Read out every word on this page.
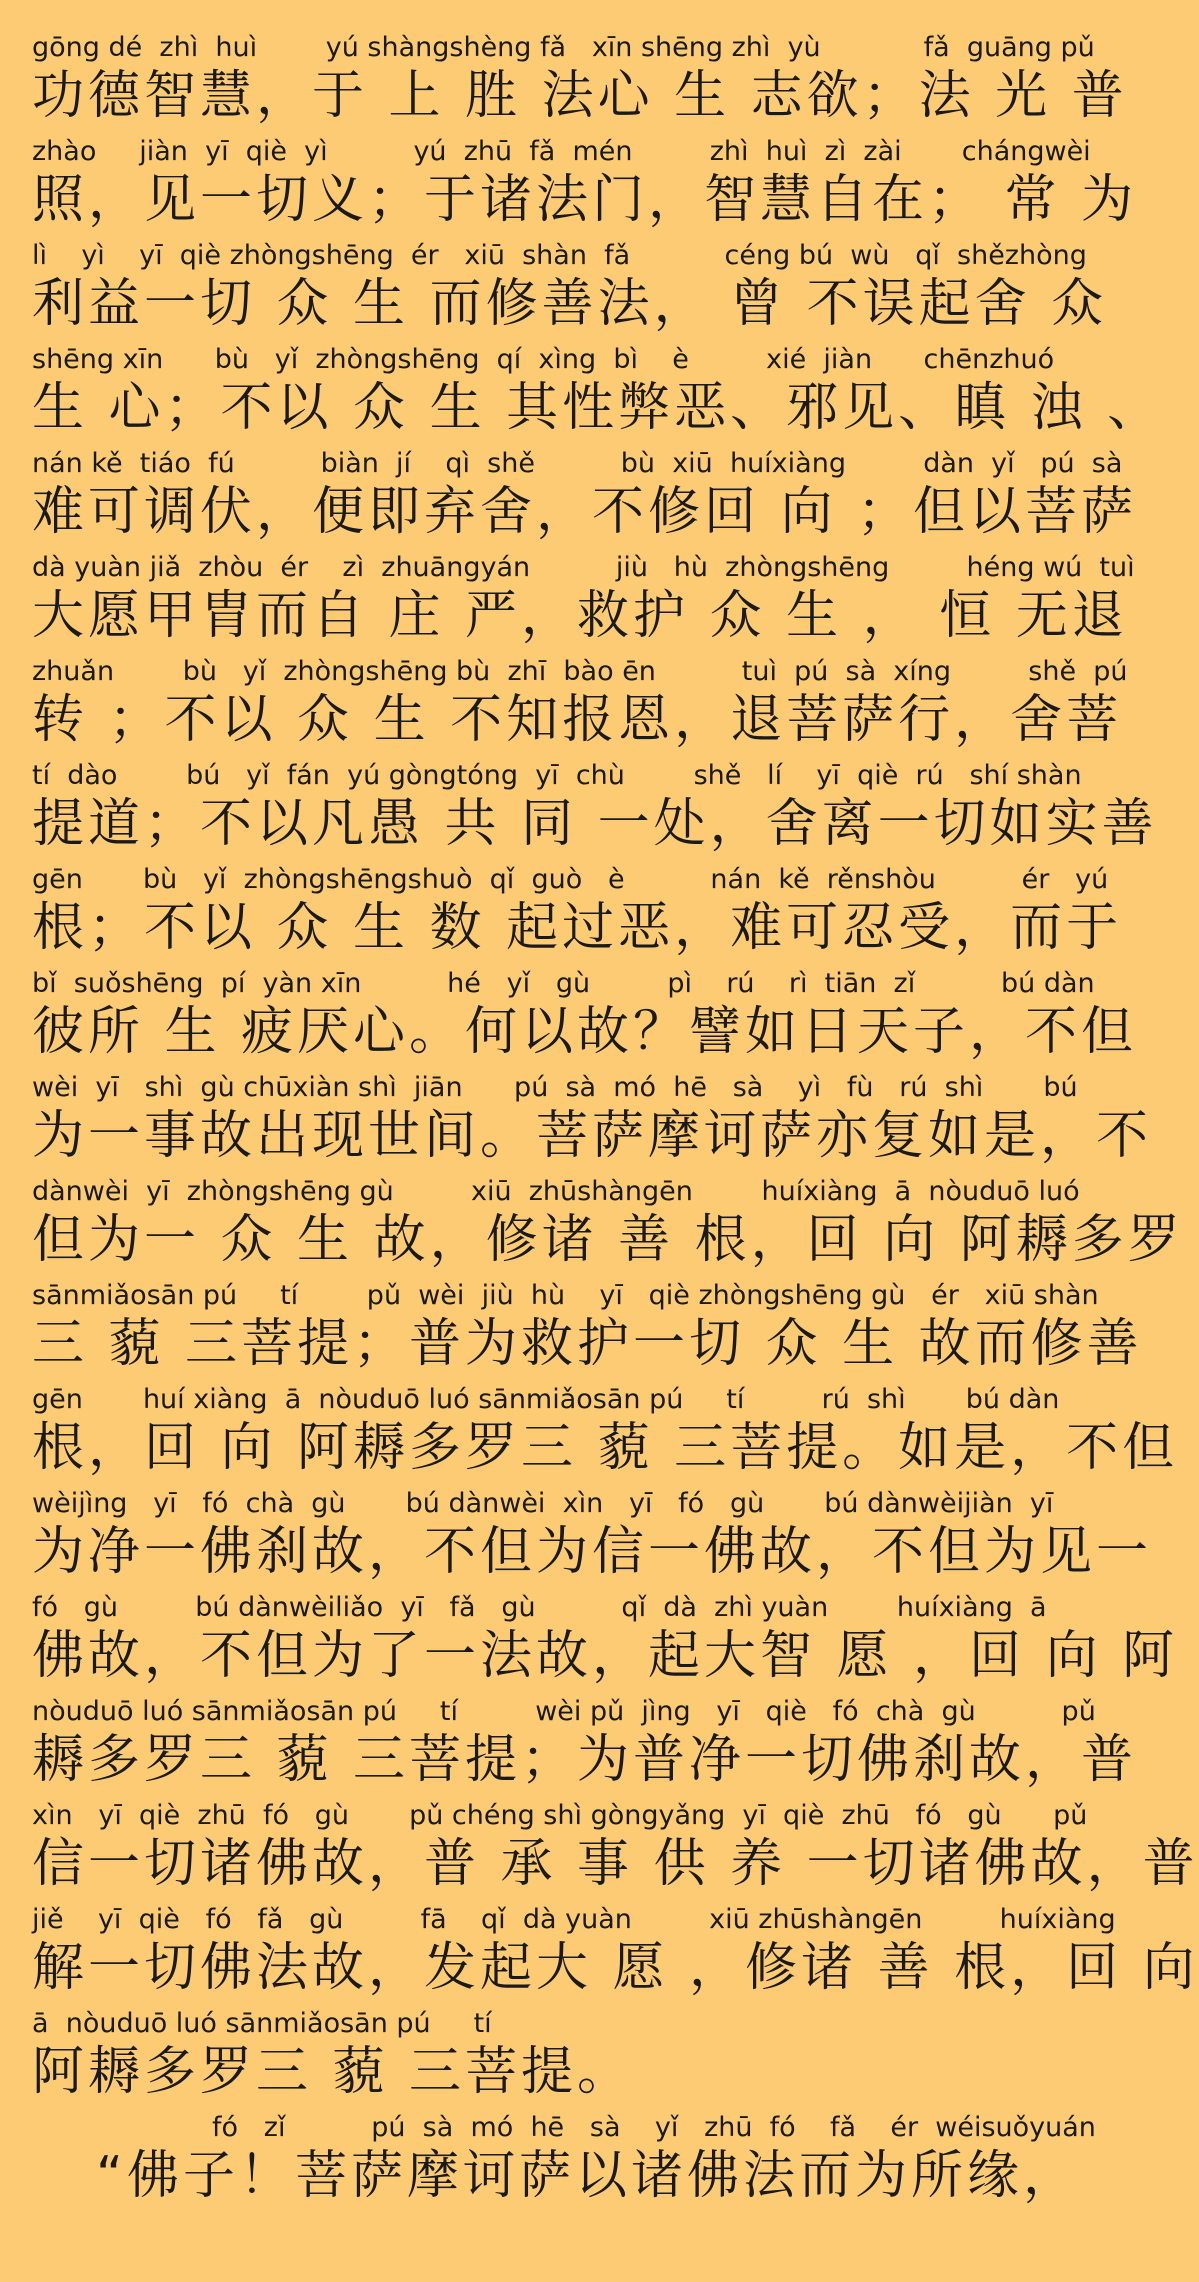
gōng dé  zhì  huì        yú shàngshèng fǎ   xīn shēng zhì  yù            fǎ  guāng pǔ
功德智慧，于 上 胜 法心 生 志欲；法 光 普
zhào     jiàn  yī  qiè  yì          yú  zhū  fǎ  mén         zhì  huì  zì  zài       chángwèi
照，见一切义；于诸法门，智慧自在； 常 为
lì    yì    yī  qiè zhòngshēng  ér   xiū  shàn  fǎ           céng bú  wù   qǐ  shězhòng
利益一切 众 生 而修善法， 曾 不误起舍 众
shēng xīn      bù   yǐ  zhòngshēng  qí  xìng  bì    è         xié  jiàn      chēnzhuó
生 心；不以 众 生 其性弊恶、邪见、瞋 浊 、
nán kě  tiáo  fú          biàn  jí    qì  shě          bù  xiū  huíxiàng         dàn  yǐ   pú  sà
难可调伏，便即弃舍，不修回 向 ；但以菩萨
dà yuàn jiǎ  zhòu  ér    zì  zhuāngyán          jiù   hù  zhòngshēng         héng wú  tuì
大愿甲胄而自 庄 严，救护 众 生 ， 恒 无退
zhuǎn        bù   yǐ  zhòngshēng bù  zhī  bào ēn          tuì  pú  sà  xíng         shě  pú
转 ；不以 众 生 不知报恩，退菩萨行，舍菩
tí  dào        bú   yǐ  fán  yú gòngtóng  yī  chù        shě   lí    yī  qiè  rú   shí shàn
提道；不以凡愚 共 同 一处，舍离一切如实善
gēn       bù   yǐ  zhòngshēngshuò  qǐ  guò   è          nán  kě  rěnshòu          ér   yú
根；不以 众 生 数 起过恶，难可忍受，而于
bǐ  suǒshēng  pí  yàn xīn          hé   yǐ   gù         pì    rú    rì  tiān  zǐ          bú dàn
彼所 生 疲厌心。何以故？譬如日天子，不但
wèi  yī   shì  gù chūxiàn shì  jiān      pú  sà  mó  hē   sà    yì   fù   rú  shì       bú
为一事故出现世间。菩萨摩诃萨亦复如是，不
dànwèi  yī  zhòngshēng gù         xiū  zhūshàngēn        huíxiàng  ā  nòuduō luó
但为一 众 生 故，修诸 善 根，回 向 阿耨多罗
sānmiǎosān pú     tí        pǔ  wèi  jiù  hù    yī   qiè zhòngshēng gù   ér   xiū shàn
三 藐 三菩提；普为救护一切 众 生 故而修善
gēn       huí xiàng  ā  nòuduō luó sānmiǎosān pú     tí         rú  shì       bú dàn
根，回 向 阿耨多罗三 藐 三菩提。如是，不但
wèijìng   yī   fó  chà  gù       bú dànwèi  xìn   yī   fó   gù       bú dànwèijiàn  yī
为净一佛刹故，不但为信一佛故，不但为见一
fó   gù         bú dànwèiliǎo  yī   fǎ   gù          qǐ  dà  zhì yuàn        huíxiàng  ā
佛故，不但为了一法故，起大智 愿 ，回 向 阿
nòuduō luó sānmiǎosān pú     tí         wèi pǔ  jìng   yī   qiè   fó  chà  gù          pǔ
耨多罗三 藐 三菩提；为普净一切佛刹故，普
xìn   yī  qiè  zhū  fó   gù       pǔ chéng shì gòngyǎng  yī  qiè  zhū   fó   gù      pǔ
信一切诸佛故，普 承 事 供 养 一切诸佛故，普
jiě    yī  qiè   fó   fǎ   gù         fā    qǐ  dà yuàn         xiū zhūshàngēn         huíxiàng
解一切佛法故，发起大 愿 ，修诸 善 根，回 向
ā  nòuduō luó sānmiǎosān pú     tí
阿耨多罗三 藐 三菩提。
fó   zǐ          pú  sà  mó  hē   sà    yǐ   zhū  fó    fǎ    ér  wéisuǒyuán
“佛子！菩萨摩诃萨以诸佛法而为所缘，
